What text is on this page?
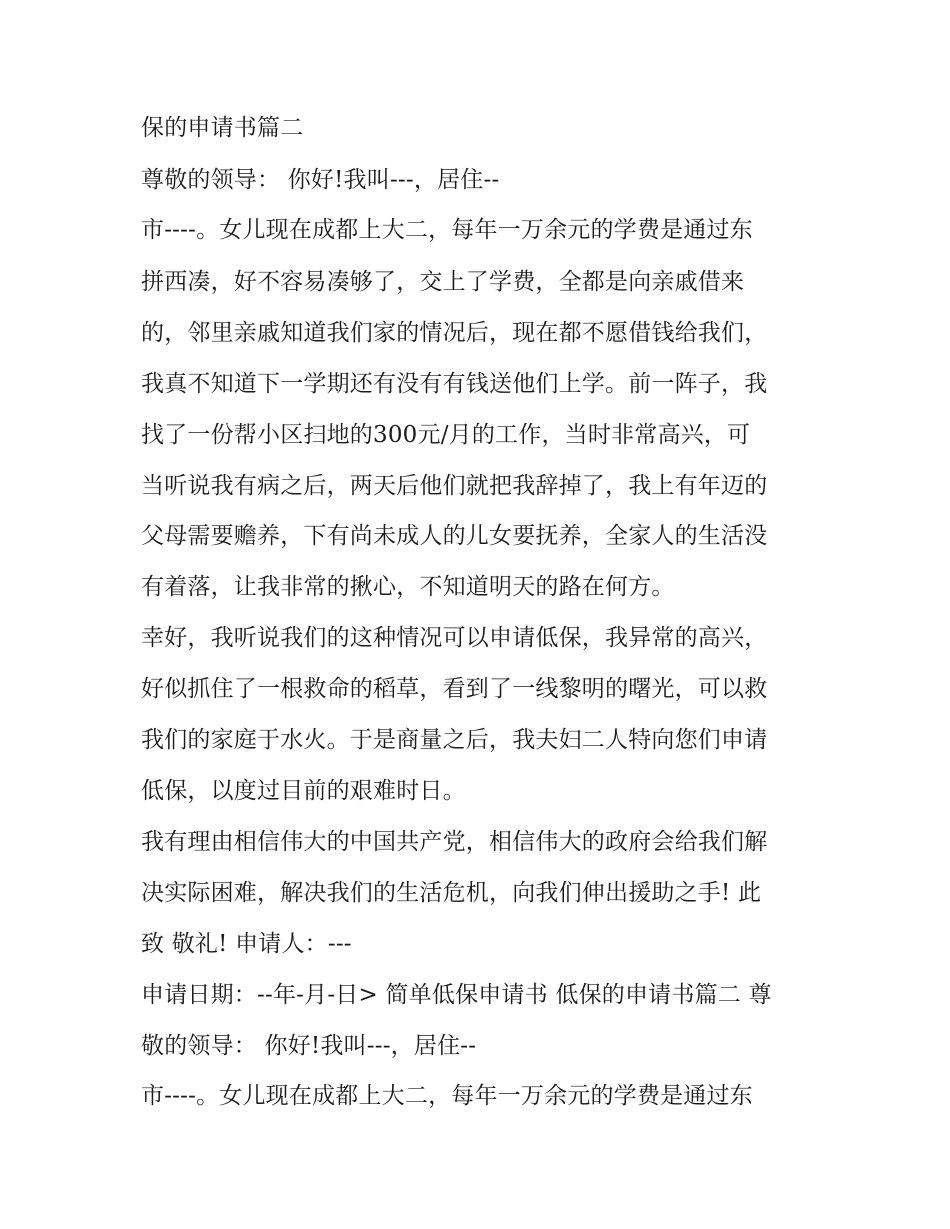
保的申请书篇二
尊敬的领导： 你好!我叫---，居住--
市----。女儿现在成都上大二，每年一万余元的学费是通过东
拼西凑，好不容易凑够了，交上了学费，全都是向亲戚借来
的，邻里亲戚知道我们家的情况后，现在都不愿借钱给我们，
我真不知道下一学期还有没有有钱送他们上学。前一阵子，我
找了一份帮小区扫地的300元/月的工作，当时非常高兴，可
当听说我有病之后，两天后他们就把我辞掉了，我上有年迈的
父母需要赡养，下有尚未成人的儿女要抚养，全家人的生活没
有着落，让我非常的揪心，不知道明天的路在何方。
幸好，我听说我们的这种情况可以申请低保，我异常的高兴，
好似抓住了一根救命的稻草，看到了一线黎明的曙光，可以救
我们的家庭于水火。于是商量之后，我夫妇二人特向您们申请
低保，以度过目前的艰难时日。
我有理由相信伟大的中国共产党，相信伟大的政府会给我们解
决实际困难，解决我们的生活危机，向我们伸出援助之手! 此
致 敬礼! 申请人：---
申请日期：--年-月-日> 简单低保申请书 低保的申请书篇二 尊
敬的领导： 你好!我叫---，居住--
市----。女儿现在成都上大二，每年一万余元的学费是通过东
